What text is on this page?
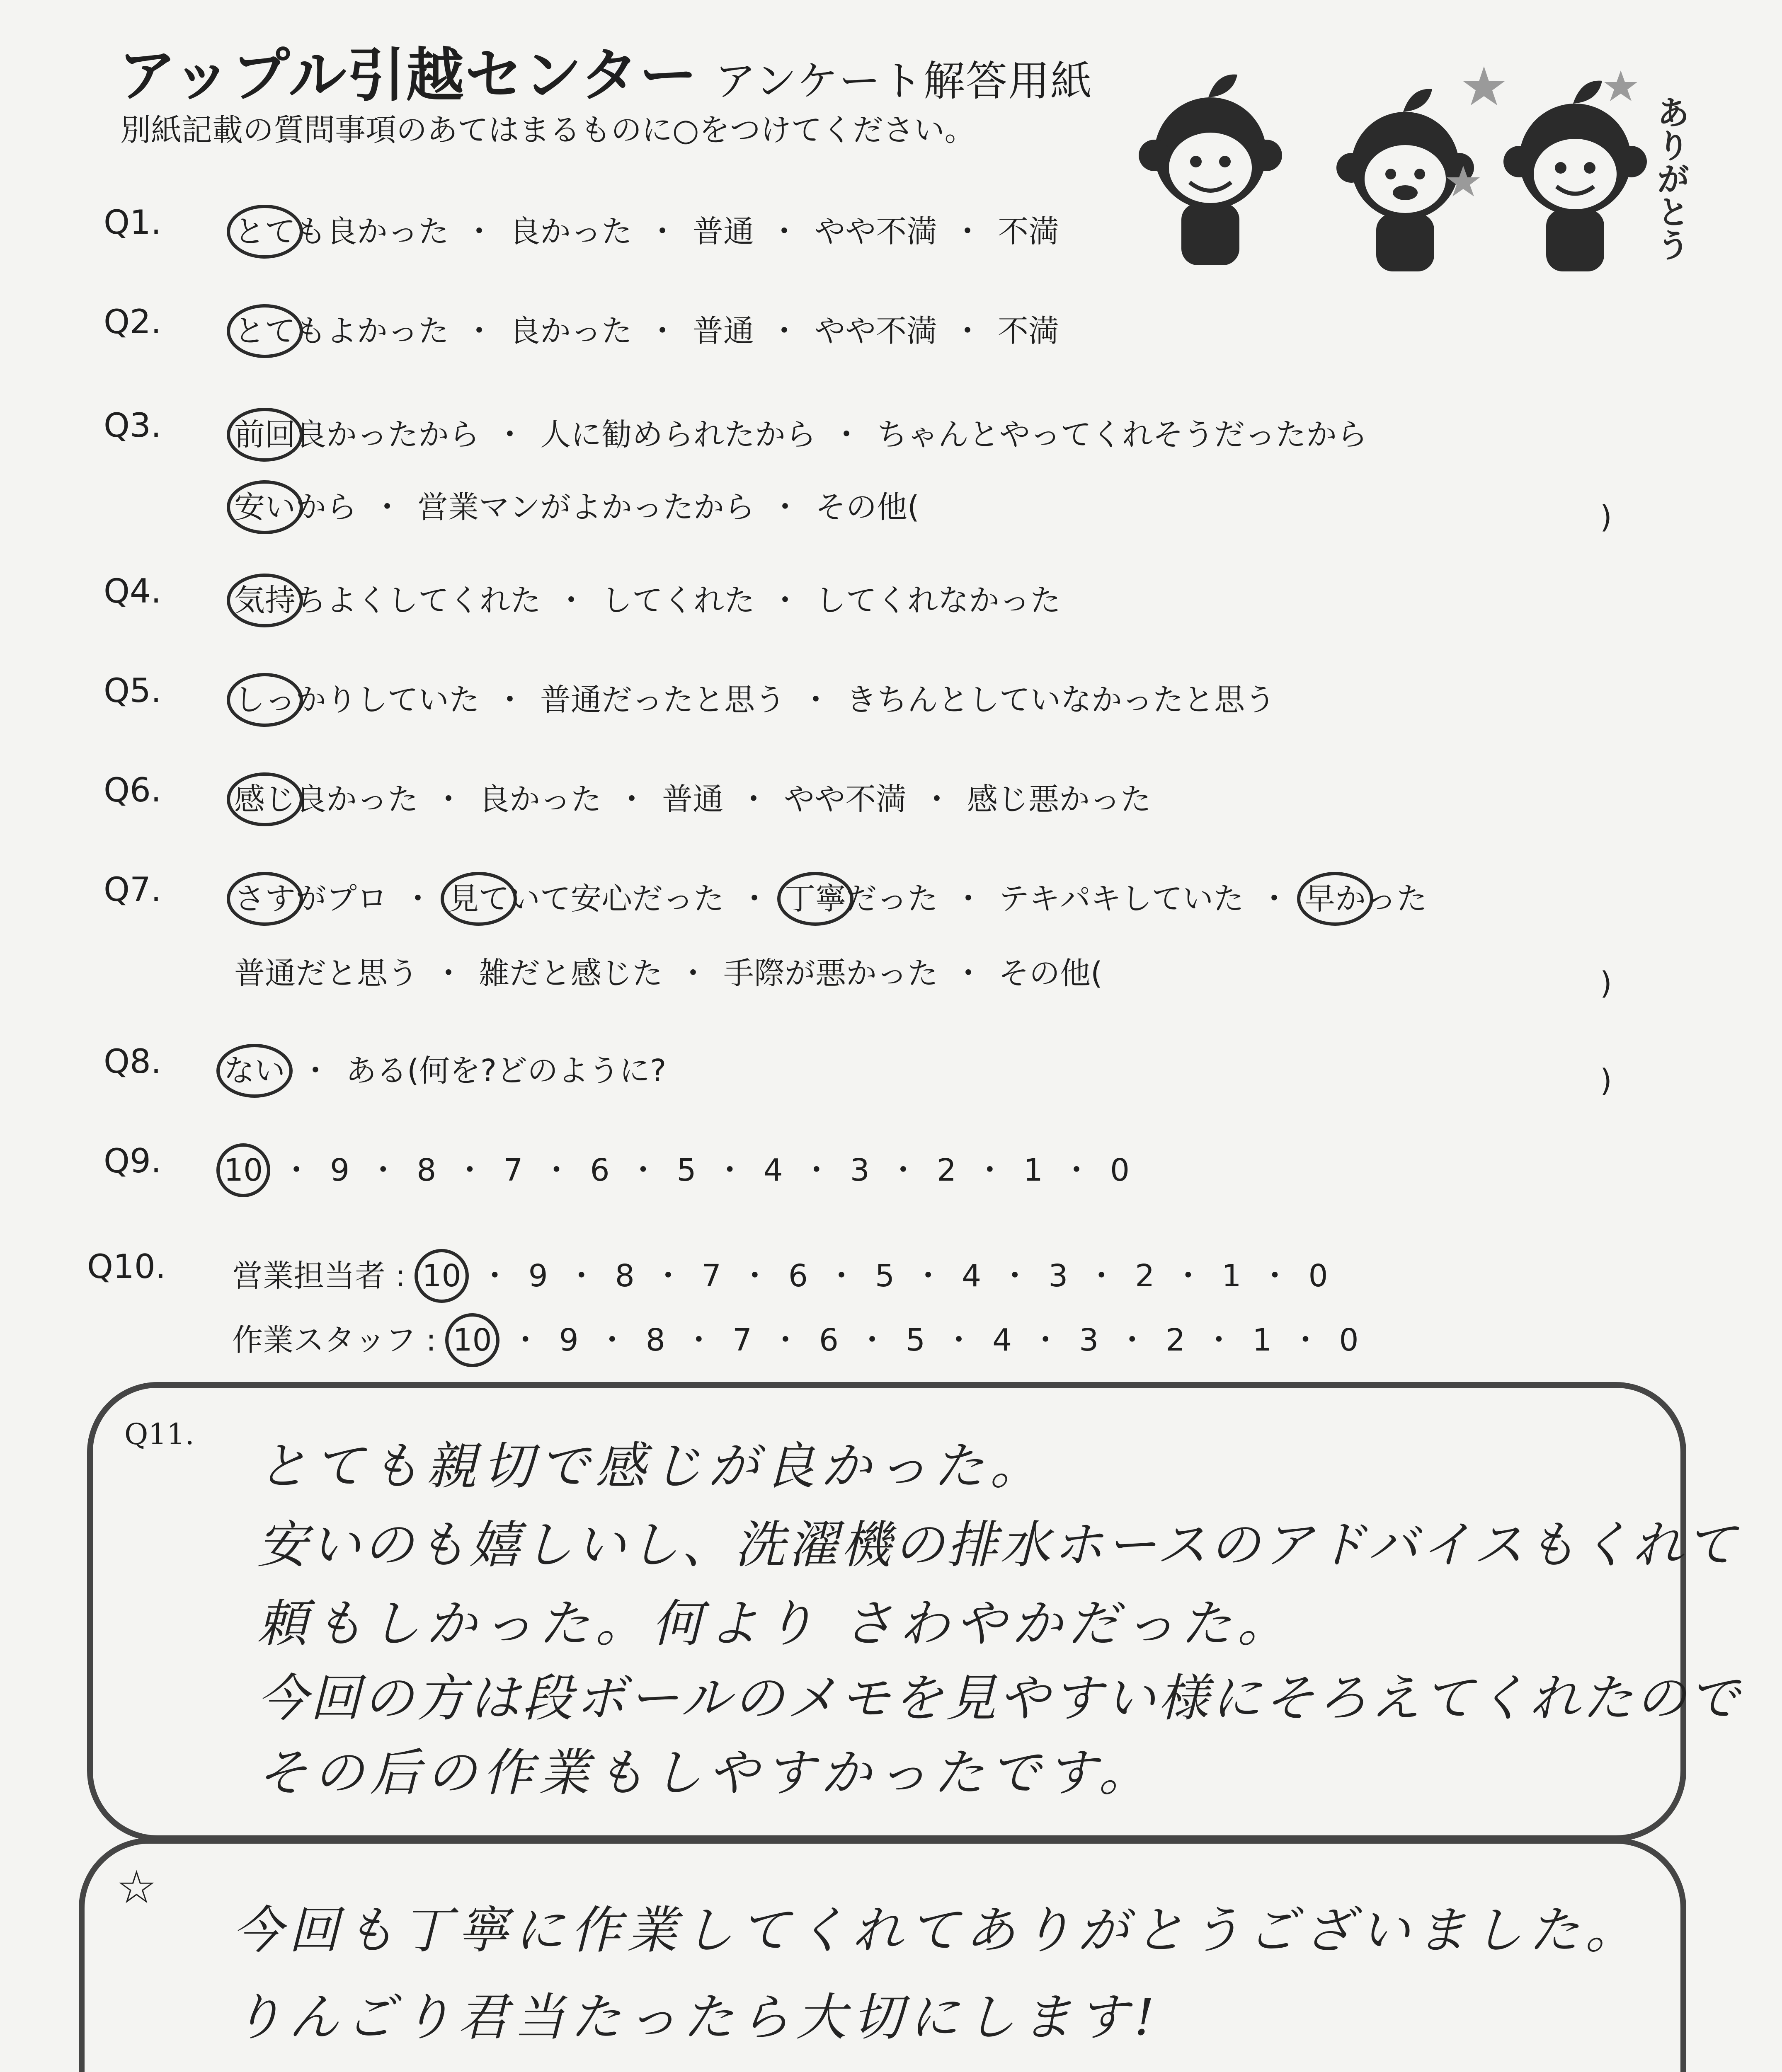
アップル引越センター アンケート解答用紙
別紙記載の質問事項のあてはまるものに○をつけてください。	ありがとう
Q1. とても良かった ・ 良かった ・ 普通 ・ やや不満 ・ 不満
Q2. とてもよかった ・ 良かった ・ 普通 ・ やや不満 ・ 不満
Q3. 前回良かったから ・ 人に勧められたから ・ ちゃんとやってくれそうだったから
安いから ・ 営業マンがよかったから ・ その他(	)
Q4. 気持ちよくしてくれた ・ してくれた ・ してくれなかった
Q5. しっかりしていた ・ 普通だったと思う ・ きちんとしていなかったと思う
Q6. 感じ良かった ・ 良かった ・ 普通 ・ やや不満 ・ 感じ悪かった
Q7. さすがプロ ・ 見ていて安心だった ・ 丁寧だった ・ テキパキしていた ・ 早かった
普通だと思う ・ 雑だと感じた ・ 手際が悪かった ・ その他(	)
Q8. ない ・ ある(何を?どのように?	)
Q9. 10 ・ 9 ・ 8 ・ 7 ・ 6 ・ 5 ・ 4 ・ 3 ・ 2 ・ 1 ・ 0
Q10. 営業担当者 : 10 ・ 9 ・ 8 ・ 7 ・ 6 ・ 5 ・ 4 ・ 3 ・ 2 ・ 1 ・ 0
作業スタッフ : 10 ・ 9 ・ 8 ・ 7 ・ 6 ・ 5 ・ 4 ・ 3 ・ 2 ・ 1 ・ 0
Q11.
とても親切で感じが良かった。
安いのも嬉しいし、洗濯機の排水ホースのアドバイスもくれて
頼もしかった。何より さわやかだった。
今回の方は段ボールのメモを見やすい様にそろえてくれたので
その后の作業もしやすかったです。
☆
今回も丁寧に作業してくれてありがとうございました。
りんごり君当たったら大切にします!
